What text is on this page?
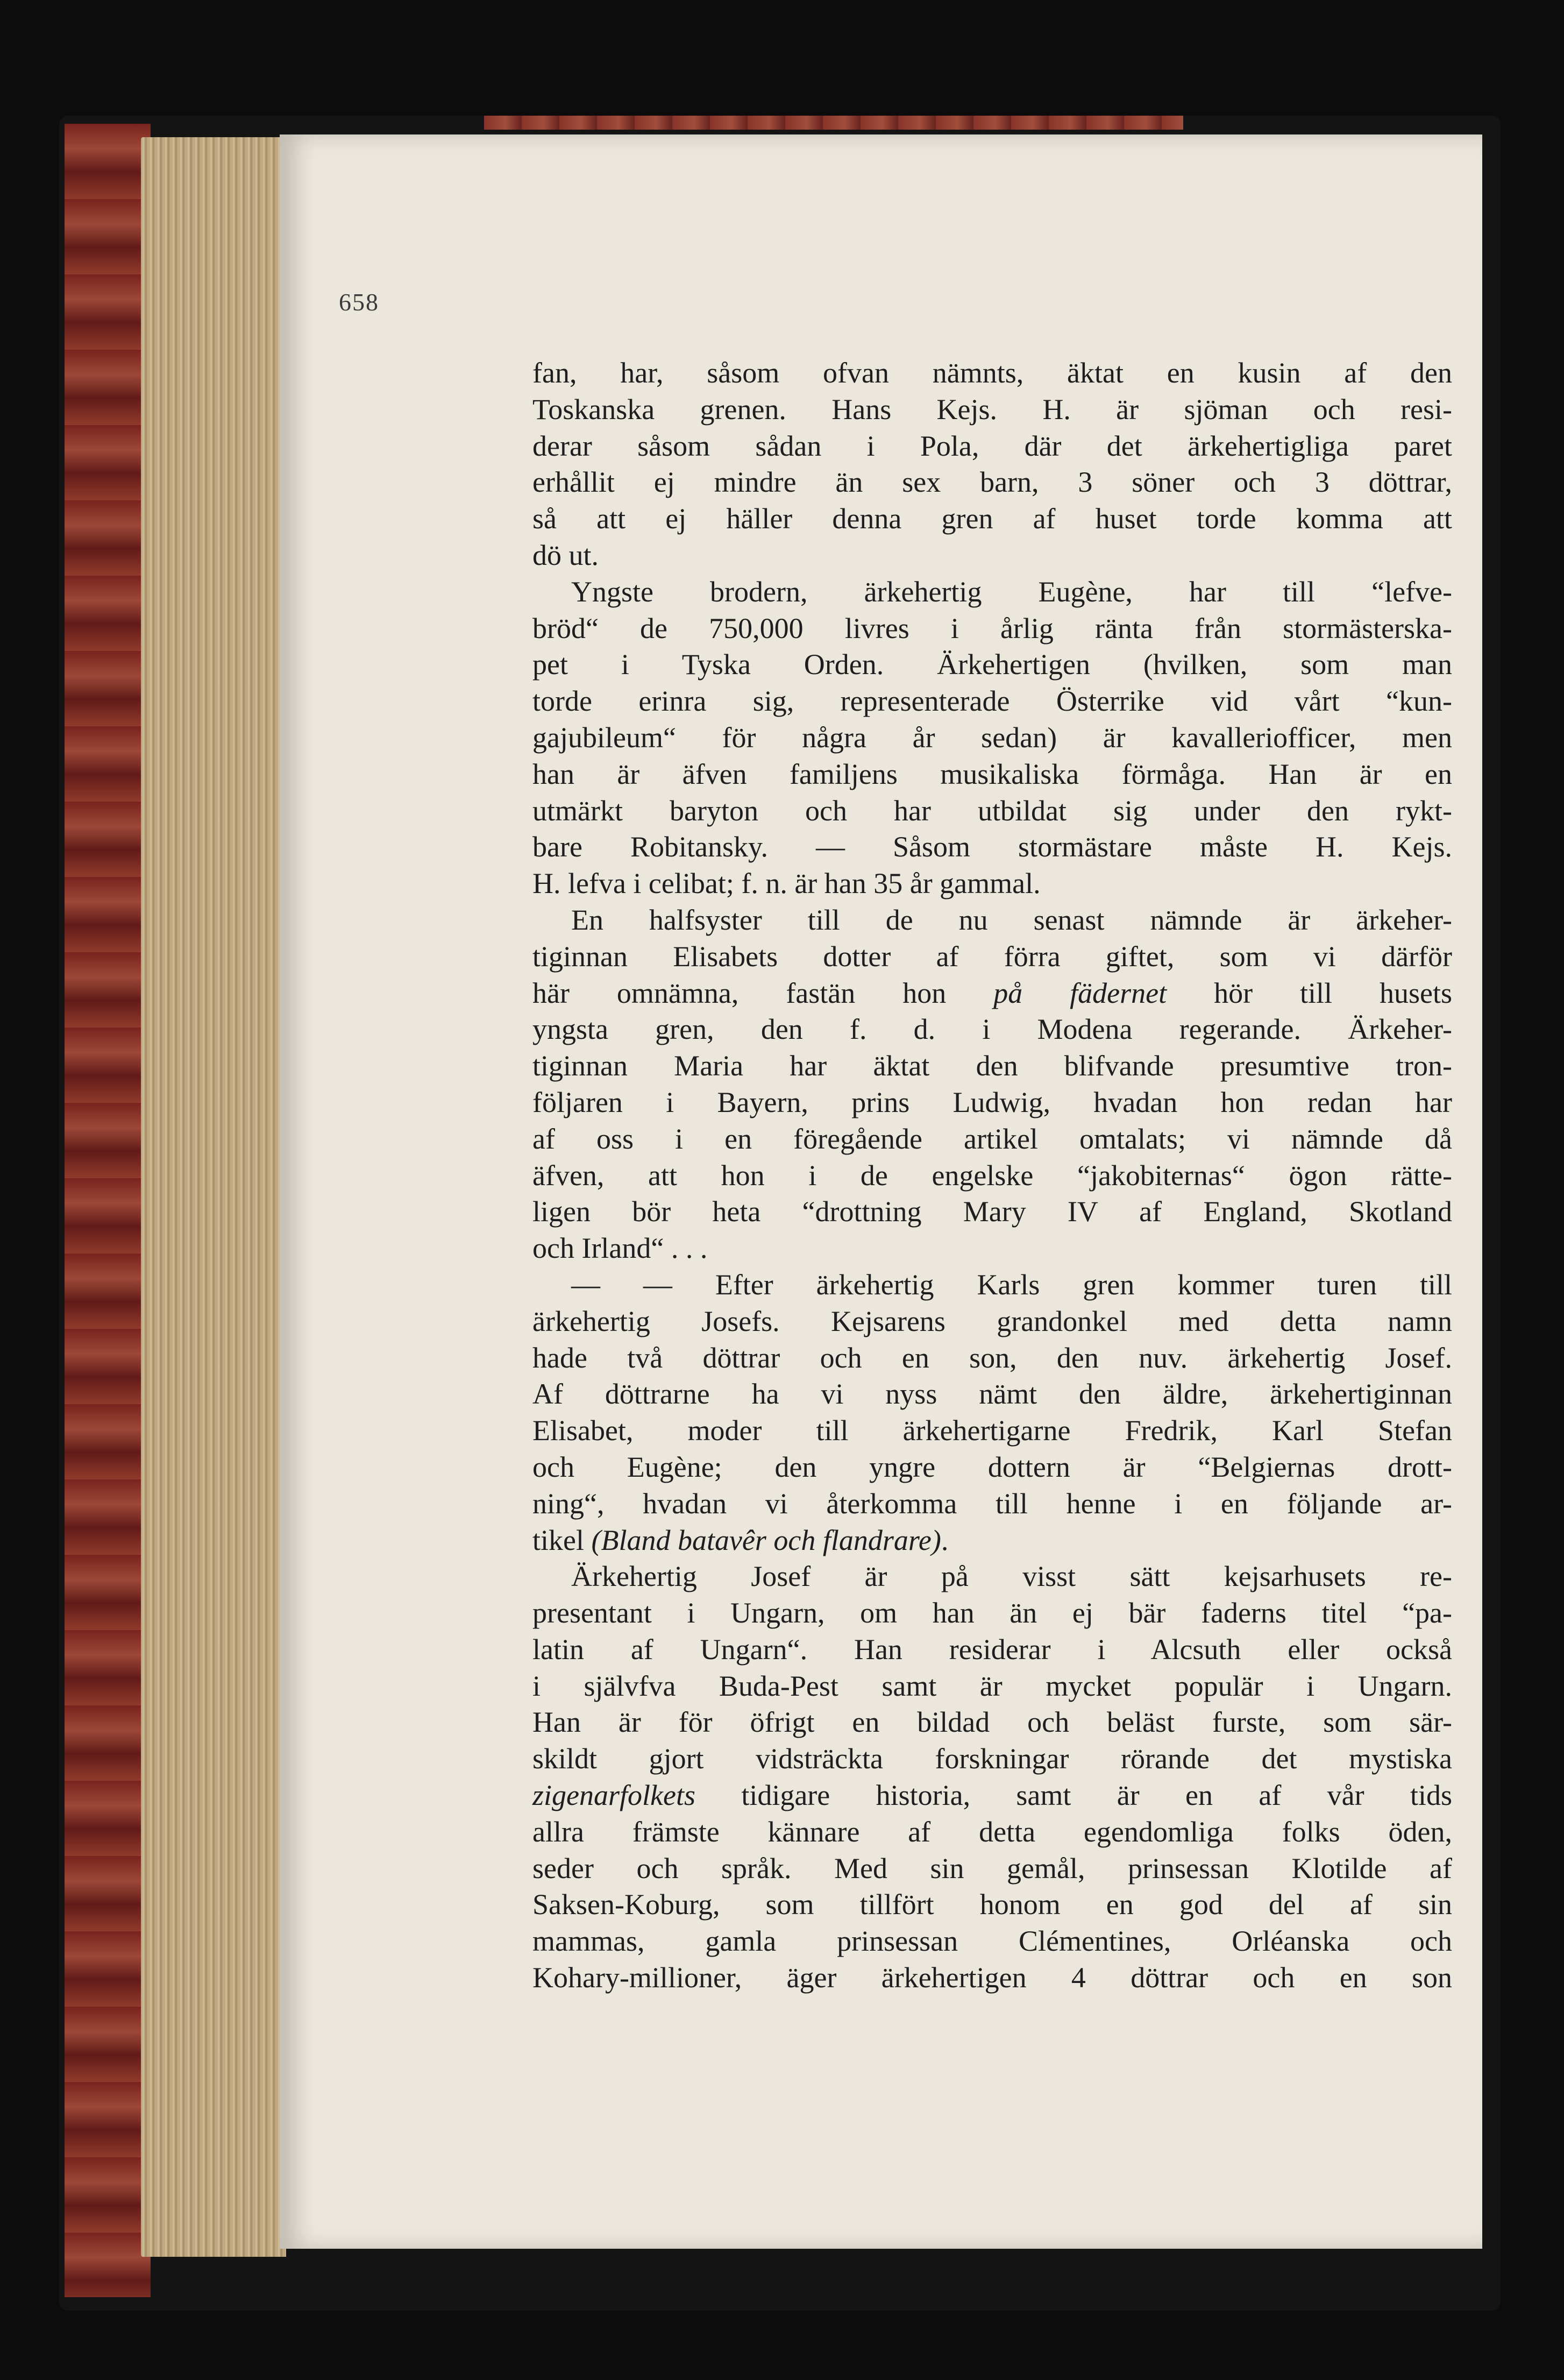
658
fan, har, såsom ofvan nämnts, äktat en kusin af den
Toskanska grenen. Hans Kejs. H. är sjöman och resi-
derar såsom sådan i Pola, där det ärkehertigliga paret
erhållit ej mindre än sex barn, 3 söner och 3 döttrar,
så att ej häller denna gren af huset torde komma att
dö ut.
Yngste brodern, ärkehertig Eugène, har till “lefve-
bröd“ de 750,000 livres i årlig ränta från stormästerska-
pet i Tyska Orden. Ärkehertigen (hvilken, som man
torde erinra sig, representerade Österrike vid vårt “kun-
gajubileum“ för några år sedan) är kavalleriofficer, men
han är äfven familjens musikaliska förmåga. Han är en
utmärkt baryton och har utbildat sig under den rykt-
bare Robitansky. — Såsom stormästare måste H. Kejs.
H. lefva i celibat; f. n. är han 35 år gammal.
En halfsyster till de nu senast nämnde är ärkeher-
tiginnan Elisabets dotter af förra giftet, som vi därför
här omnämna, fastän hon på fädernet hör till husets
yngsta gren, den f. d. i Modena regerande. Ärkeher-
tiginnan Maria har äktat den blifvande presumtive tron-
följaren i Bayern, prins Ludwig, hvadan hon redan har
af oss i en föregående artikel omtalats; vi nämnde då
äfven, att hon i de engelske “jakobiternas“ ögon rätte-
ligen bör heta “drottning Mary IV af England, Skotland
och Irland“ . . .
— — Efter ärkehertig Karls gren kommer turen till
ärkehertig Josefs. Kejsarens grandonkel med detta namn
hade två döttrar och en son, den nuv. ärkehertig Josef.
Af döttrarne ha vi nyss nämt den äldre, ärkehertiginnan
Elisabet, moder till ärkehertigarne Fredrik, Karl Stefan
och Eugène; den yngre dottern är “Belgiernas drott-
ning“, hvadan vi återkomma till henne i en följande ar-
tikel (Bland batavêr och flandrare).
Ärkehertig Josef är på visst sätt kejsarhusets re-
presentant i Ungarn, om han än ej bär faderns titel “pa-
latin af Ungarn“. Han residerar i Alcsuth eller också
i självfva Buda-Pest samt är mycket populär i Ungarn.
Han är för öfrigt en bildad och beläst furste, som sär-
skildt gjort vidsträckta forskningar rörande det mystiska
zigenarfolkets tidigare historia, samt är en af vår tids
allra främste kännare af detta egendomliga folks öden,
seder och språk. Med sin gemål, prinsessan Klotilde af
Saksen-Koburg, som tillfört honom en god del af sin
mammas, gamla prinsessan Clémentines, Orléanska och
Kohary-millioner, äger ärkehertigen 4 döttrar och en son
